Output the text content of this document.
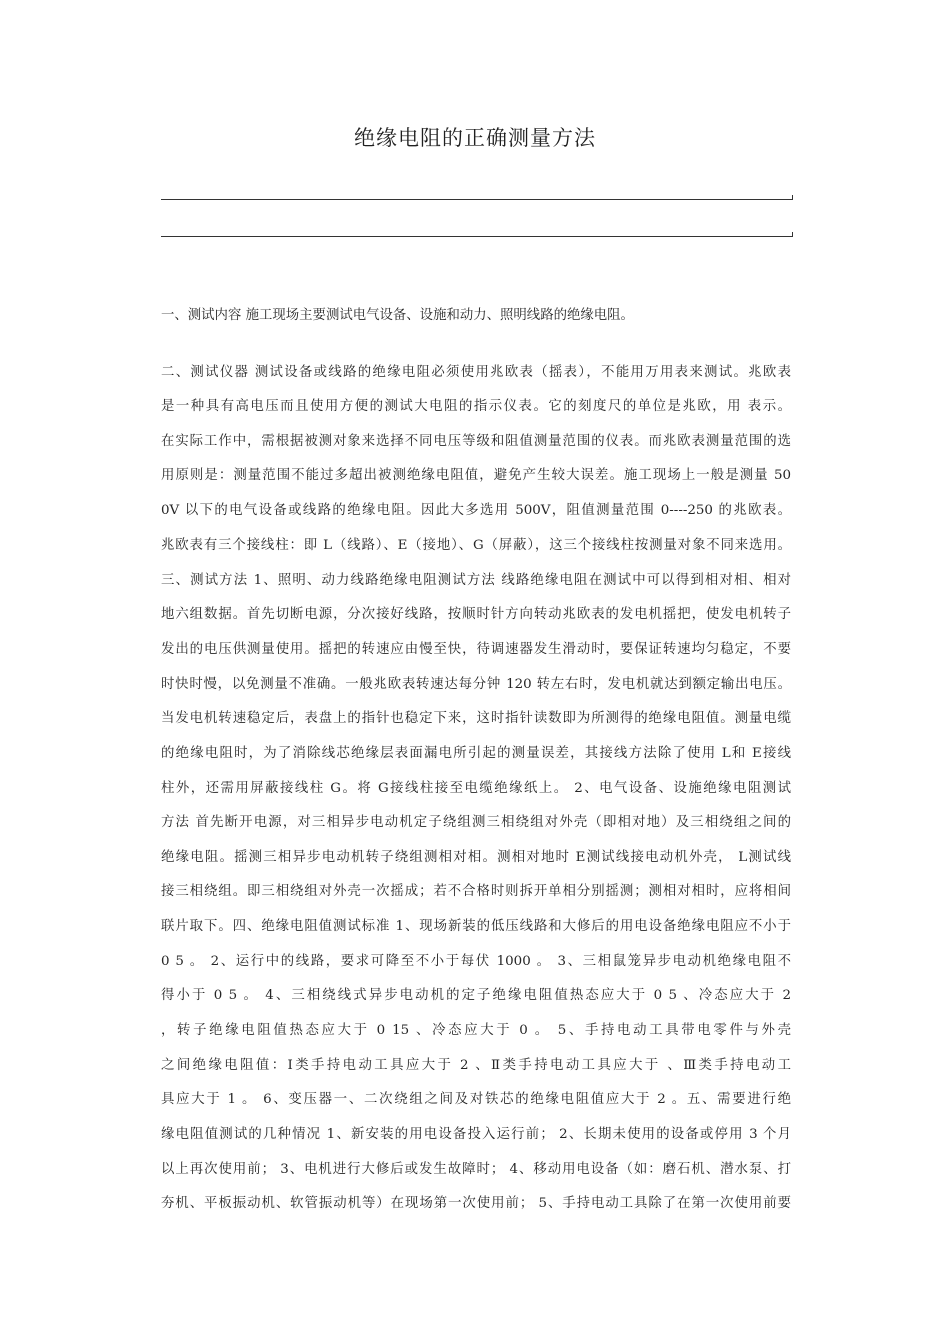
绝缘电阻的正确测量方法
一、测试内容 施工现场主要测试电气设备、设施和动力、照明线路的绝缘电阻。
二、测试仪器 测试设备或线路的绝缘电阻必须使用兆欧表（摇表），不能用万用表来测试。兆欧表
是一种具有高电压而且使用方便的测试大电阻的指示仪表。它的刻度尺的单位是兆欧，用 表示。
在实际工作中，需根据被测对象来选择不同电压等级和阻值测量范围的仪表。而兆欧表测量范围的选
用原则是：测量范围不能过多超出被测绝缘电阻值，避免产生较大误差。施工现场上一般是测量 50
0V 以下的电气设备或线路的绝缘电阻。因此大多选用 500V，阻值测量范围 0----250 的兆欧表。
兆欧表有三个接线柱：即 L（线路）、E（接地）、G（屏蔽），这三个接线柱按测量对象不同来选用。
三、测试方法 1、照明、动力线路绝缘电阻测试方法 线路绝缘电阻在测试中可以得到相对相、相对
地六组数据。首先切断电源，分次接好线路，按顺时针方向转动兆欧表的发电机摇把，使发电机转子
发出的电压供测量使用。摇把的转速应由慢至快，待调速器发生滑动时，要保证转速均匀稳定，不要
时快时慢，以免测量不准确。一般兆欧表转速达每分钟 120 转左右时，发电机就达到额定输出电压。
当发电机转速稳定后，表盘上的指针也稳定下来，这时指针读数即为所测得的绝缘电阻值。测量电缆
的绝缘电阻时，为了消除线芯绝缘层表面漏电所引起的测量误差，其接线方法除了使用 L和 E接线
柱外，还需用屏蔽接线柱 G。将 G接线柱接至电缆绝缘纸上。 2、电气设备、设施绝缘电阻测试
方法 首先断开电源，对三相异步电动机定子绕组测三相绕组对外壳（即相对地）及三相绕组之间的
绝缘电阻。摇测三相异步电动机转子绕组测相对相。测相对地时 E测试线接电动机外壳， L测试线
接三相绕组。即三相绕组对外壳一次摇成；若不合格时则拆开单相分别摇测；测相对相时，应将相间
联片取下。四、绝缘电阻值测试标准 1、现场新装的低压线路和大修后的用电设备绝缘电阻应不小于
0 5 。 2、运行中的线路，要求可降至不小于每伏 1000 。 3、三相鼠笼异步电动机绝缘电阻不
得小于 0 5 。 4、三相绕线式异步电动机的定子绝缘电阻值热态应大于 0 5 、冷态应大于 2
，转子绝缘电阻值热态应大于 0 15 、冷态应大于 0 。 5、手持电动工具带电零件与外壳
之间绝缘电阻值：Ⅰ类手持电动工具应大于 2 、Ⅱ类手持电动工具应大于 、Ⅲ类手持电动工
具应大于 1 。 6、变压器一、二次绕组之间及对铁芯的绝缘电阻值应大于 2 。五、需要进行绝
缘电阻值测试的几种情况 1、新安装的用电设备投入运行前； 2、长期未使用的设备或停用 3 个月
以上再次使用前； 3、电机进行大修后或发生故障时； 4、移动用电设备（如：磨石机、潜水泵、打
夯机、平板振动机、软管振动机等）在现场第一次使用前； 5、手持电动工具除了在第一次使用前要
